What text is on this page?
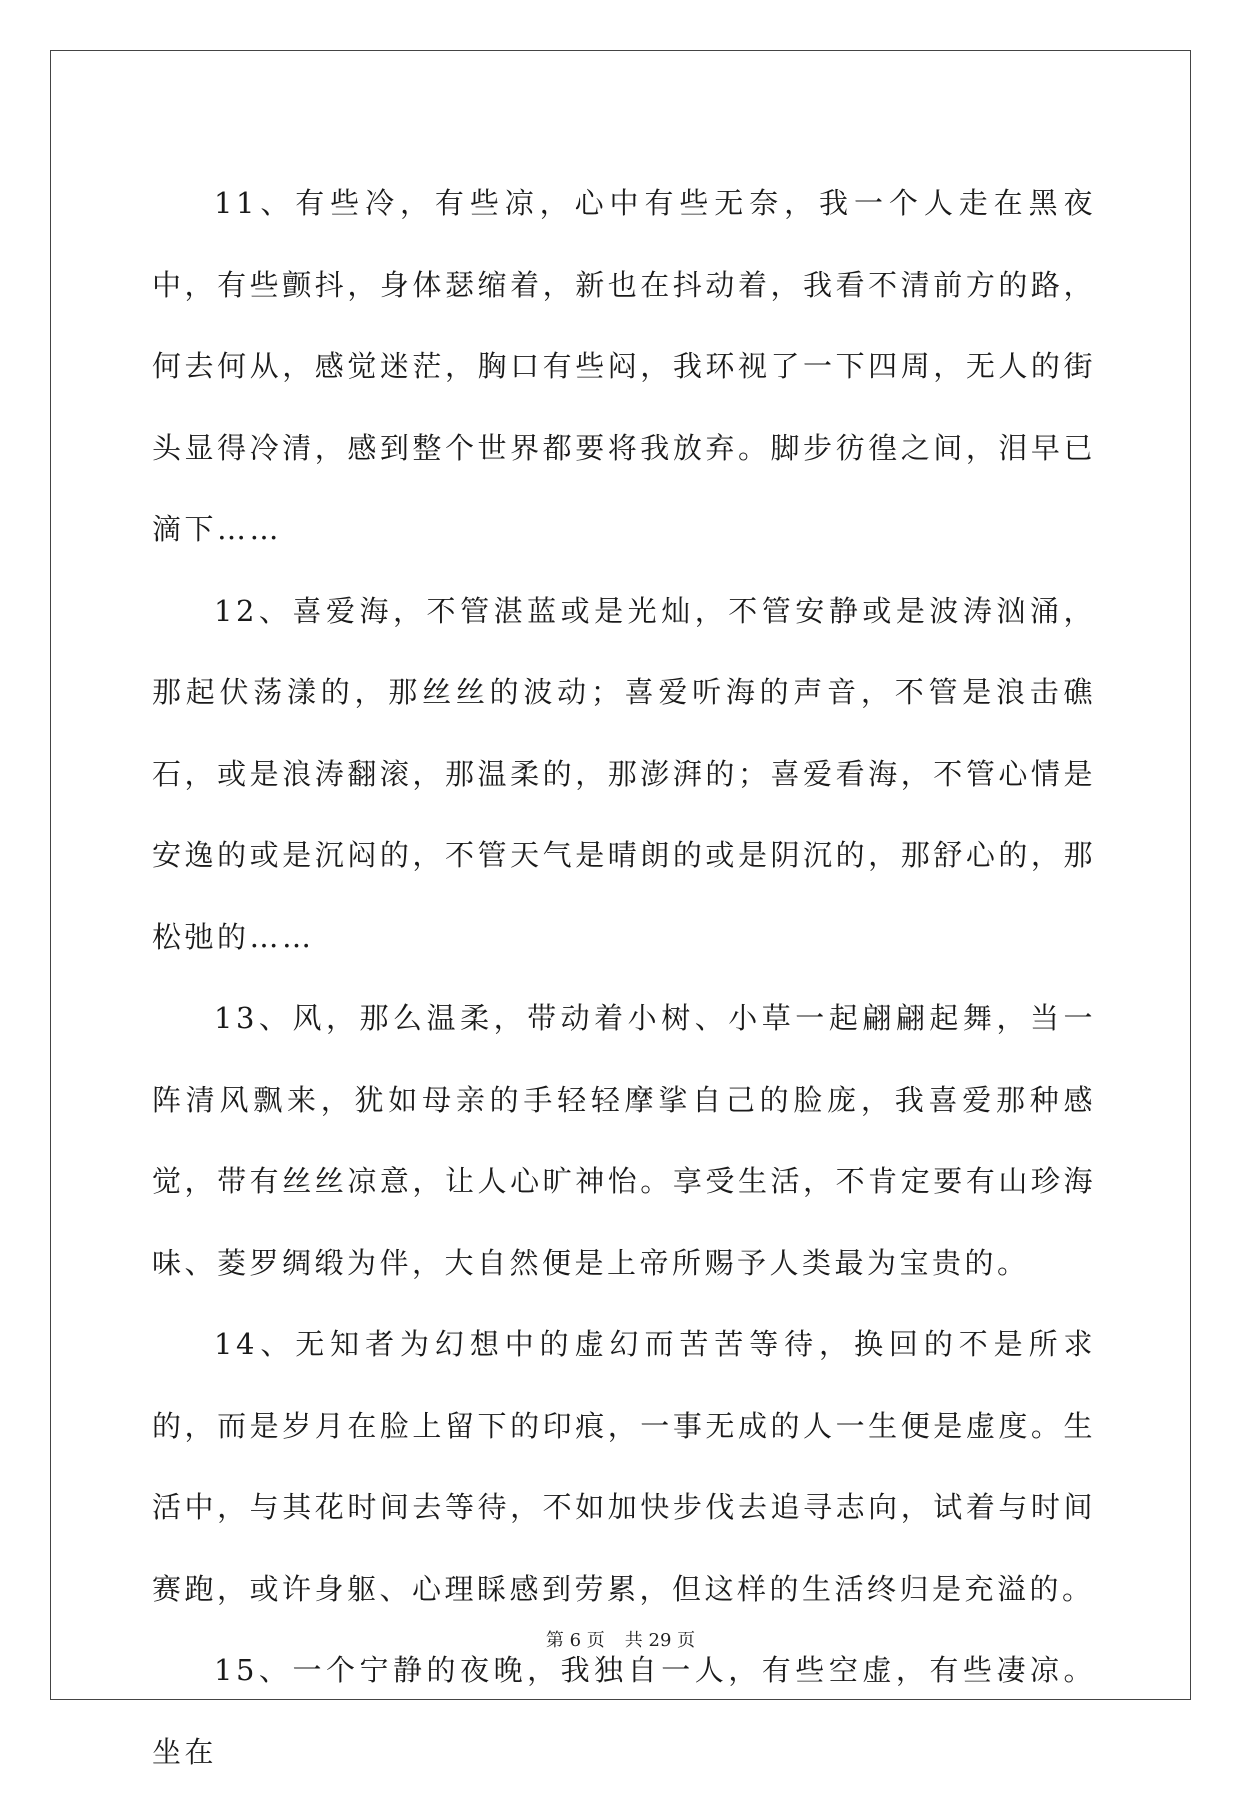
11、有些冷，有些凉，心中有些无奈，我一个人走在黑夜中，有些颤抖，身体瑟缩着，新也在抖动着，我看不清前方的路，何去何从，感觉迷茫，胸口有些闷，我环视了一下四周，无人的街头显得冷清，感到整个世界都要将我放弃。脚步彷徨之间，泪早已滴下……

12、喜爱海，不管湛蓝或是光灿，不管安静或是波涛汹涌，那起伏荡漾的，那丝丝的波动；喜爱听海的声音，不管是浪击礁石，或是浪涛翻滚，那温柔的，那澎湃的；喜爱看海，不管心情是安逸的或是沉闷的，不管天气是晴朗的或是阴沉的，那舒心的，那松弛的……

13、风，那么温柔，带动着小树、小草一起翩翩起舞，当一阵清风飘来，犹如母亲的手轻轻摩挲自己的脸庞，我喜爱那种感觉，带有丝丝凉意，让人心旷神怡。享受生活，不肯定要有山珍海味、菱罗绸缎为伴，大自然便是上帝所赐予人类最为宝贵的。

14、无知者为幻想中的虚幻而苦苦等待，换回的不是所求的，而是岁月在脸上留下的印痕，一事无成的人一生便是虚度。生活中，与其花时间去等待，不如加快步伐去追寻志向，试着与时间赛跑，或许身躯、心理睬感到劳累，但这样的生活终归是充溢的。

15、一个宁静的夜晚，我独自一人，有些空虚，有些凄凉。坐在

第 6 页 共 29 页
